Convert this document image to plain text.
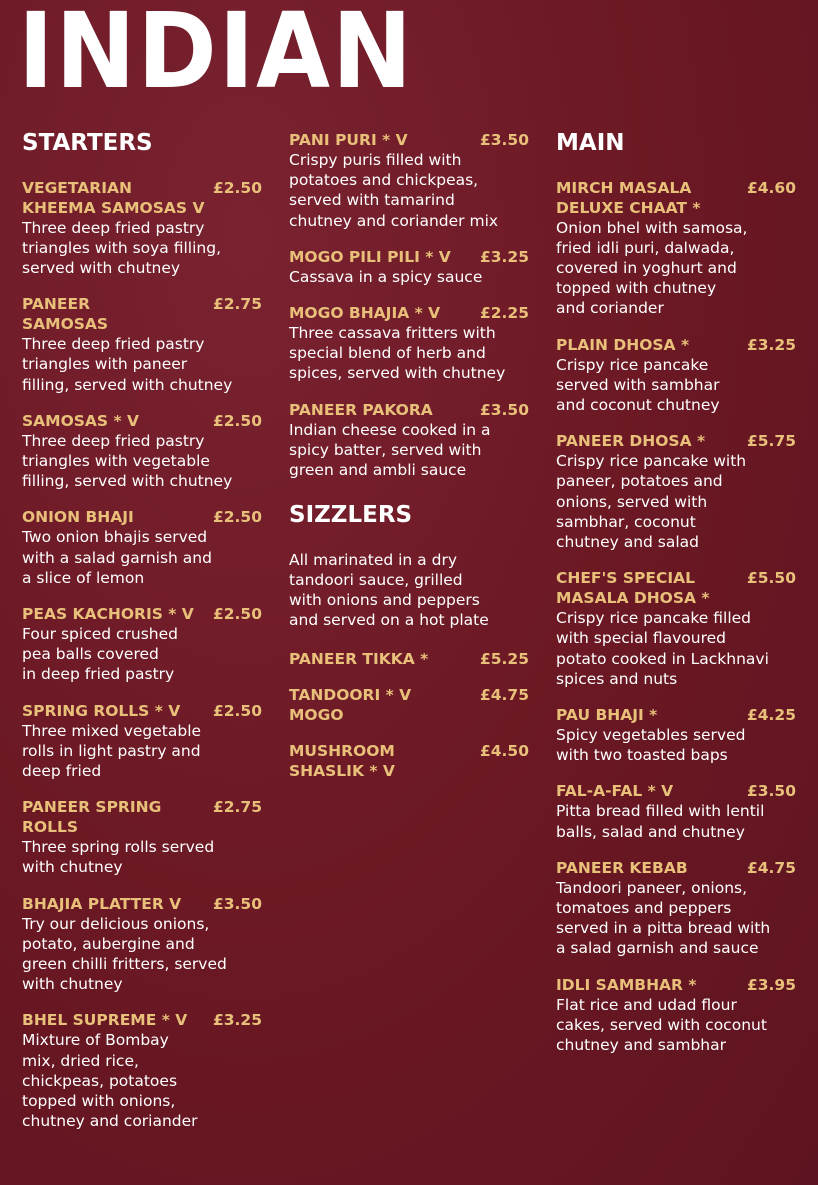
INDIAN
STARTERS
VEGETARIAN
KHEEMA SAMOSAS V
£2.50
Three deep fried pastry
triangles with soya filling,
served with chutney
PANEER
SAMOSAS
£2.75
Three deep fried pastry
triangles with paneer
filling, served with chutney
SAMOSAS * V	£2.50
Three deep fried pastry
triangles with vegetable
filling, served with chutney
ONION BHAJI	£2.50
Two onion bhajis served
with a salad garnish and
a slice of lemon
PEAS KACHORIS * V	£2.50
Four spiced crushed
pea balls covered
in deep fried pastry
SPRING ROLLS * V	£2.50
Three mixed vegetable
rolls in light pastry and
deep fried
PANEER SPRING
ROLLS
£2.75
Three spring rolls served
with chutney
BHAJIA PLATTER V	£3.50
Try our delicious onions,
potato, aubergine and
green chilli fritters, served
with chutney
BHEL SUPREME * V	£3.25
Mixture of Bombay
mix, dried rice,
chickpeas, potatoes
topped with onions,
chutney and coriander
PANI PURI * V	£3.50
Crispy puris filled with
potatoes and chickpeas,
served with tamarind
chutney and coriander mix
MOGO PILI PILI * V	£3.25
Cassava in a spicy sauce
MOGO BHAJIA * V	£2.25
Three cassava fritters with
special blend of herb and
spices, served with chutney
PANEER PAKORA	£3.50
Indian cheese cooked in a
spicy batter, served with
green and ambli sauce
SIZZLERS
All marinated in a dry
tandoori sauce, grilled
with onions and peppers
and served on a hot plate
PANEER TIKKA *	£5.25
TANDOORI * V
MOGO
£4.75
MUSHROOM
SHASLIK * V
£4.50
MAIN
MIRCH MASALA
DELUXE CHAAT *
£4.60
Onion bhel with samosa,
fried idli puri, dalwada,
covered in yoghurt and
topped with chutney
and coriander
PLAIN DHOSA *	£3.25
Crispy rice pancake
served with sambhar
and coconut chutney
PANEER DHOSA *	£5.75
Crispy rice pancake with
paneer, potatoes and
onions, served with
sambhar, coconut
chutney and salad
CHEF'S SPECIAL
MASALA DHOSA *
£5.50
Crispy rice pancake filled
with special flavoured
potato cooked in Lackhnavi
spices and nuts
PAU BHAJI *	£4.25
Spicy vegetables served
with two toasted baps
FAL-A-FAL * V	£3.50
Pitta bread filled with lentil
balls, salad and chutney
PANEER KEBAB	£4.75
Tandoori paneer, onions,
tomatoes and peppers
served in a pitta bread with
a salad garnish and sauce
IDLI SAMBHAR *	£3.95
Flat rice and udad flour
cakes, served with coconut
chutney and sambhar
